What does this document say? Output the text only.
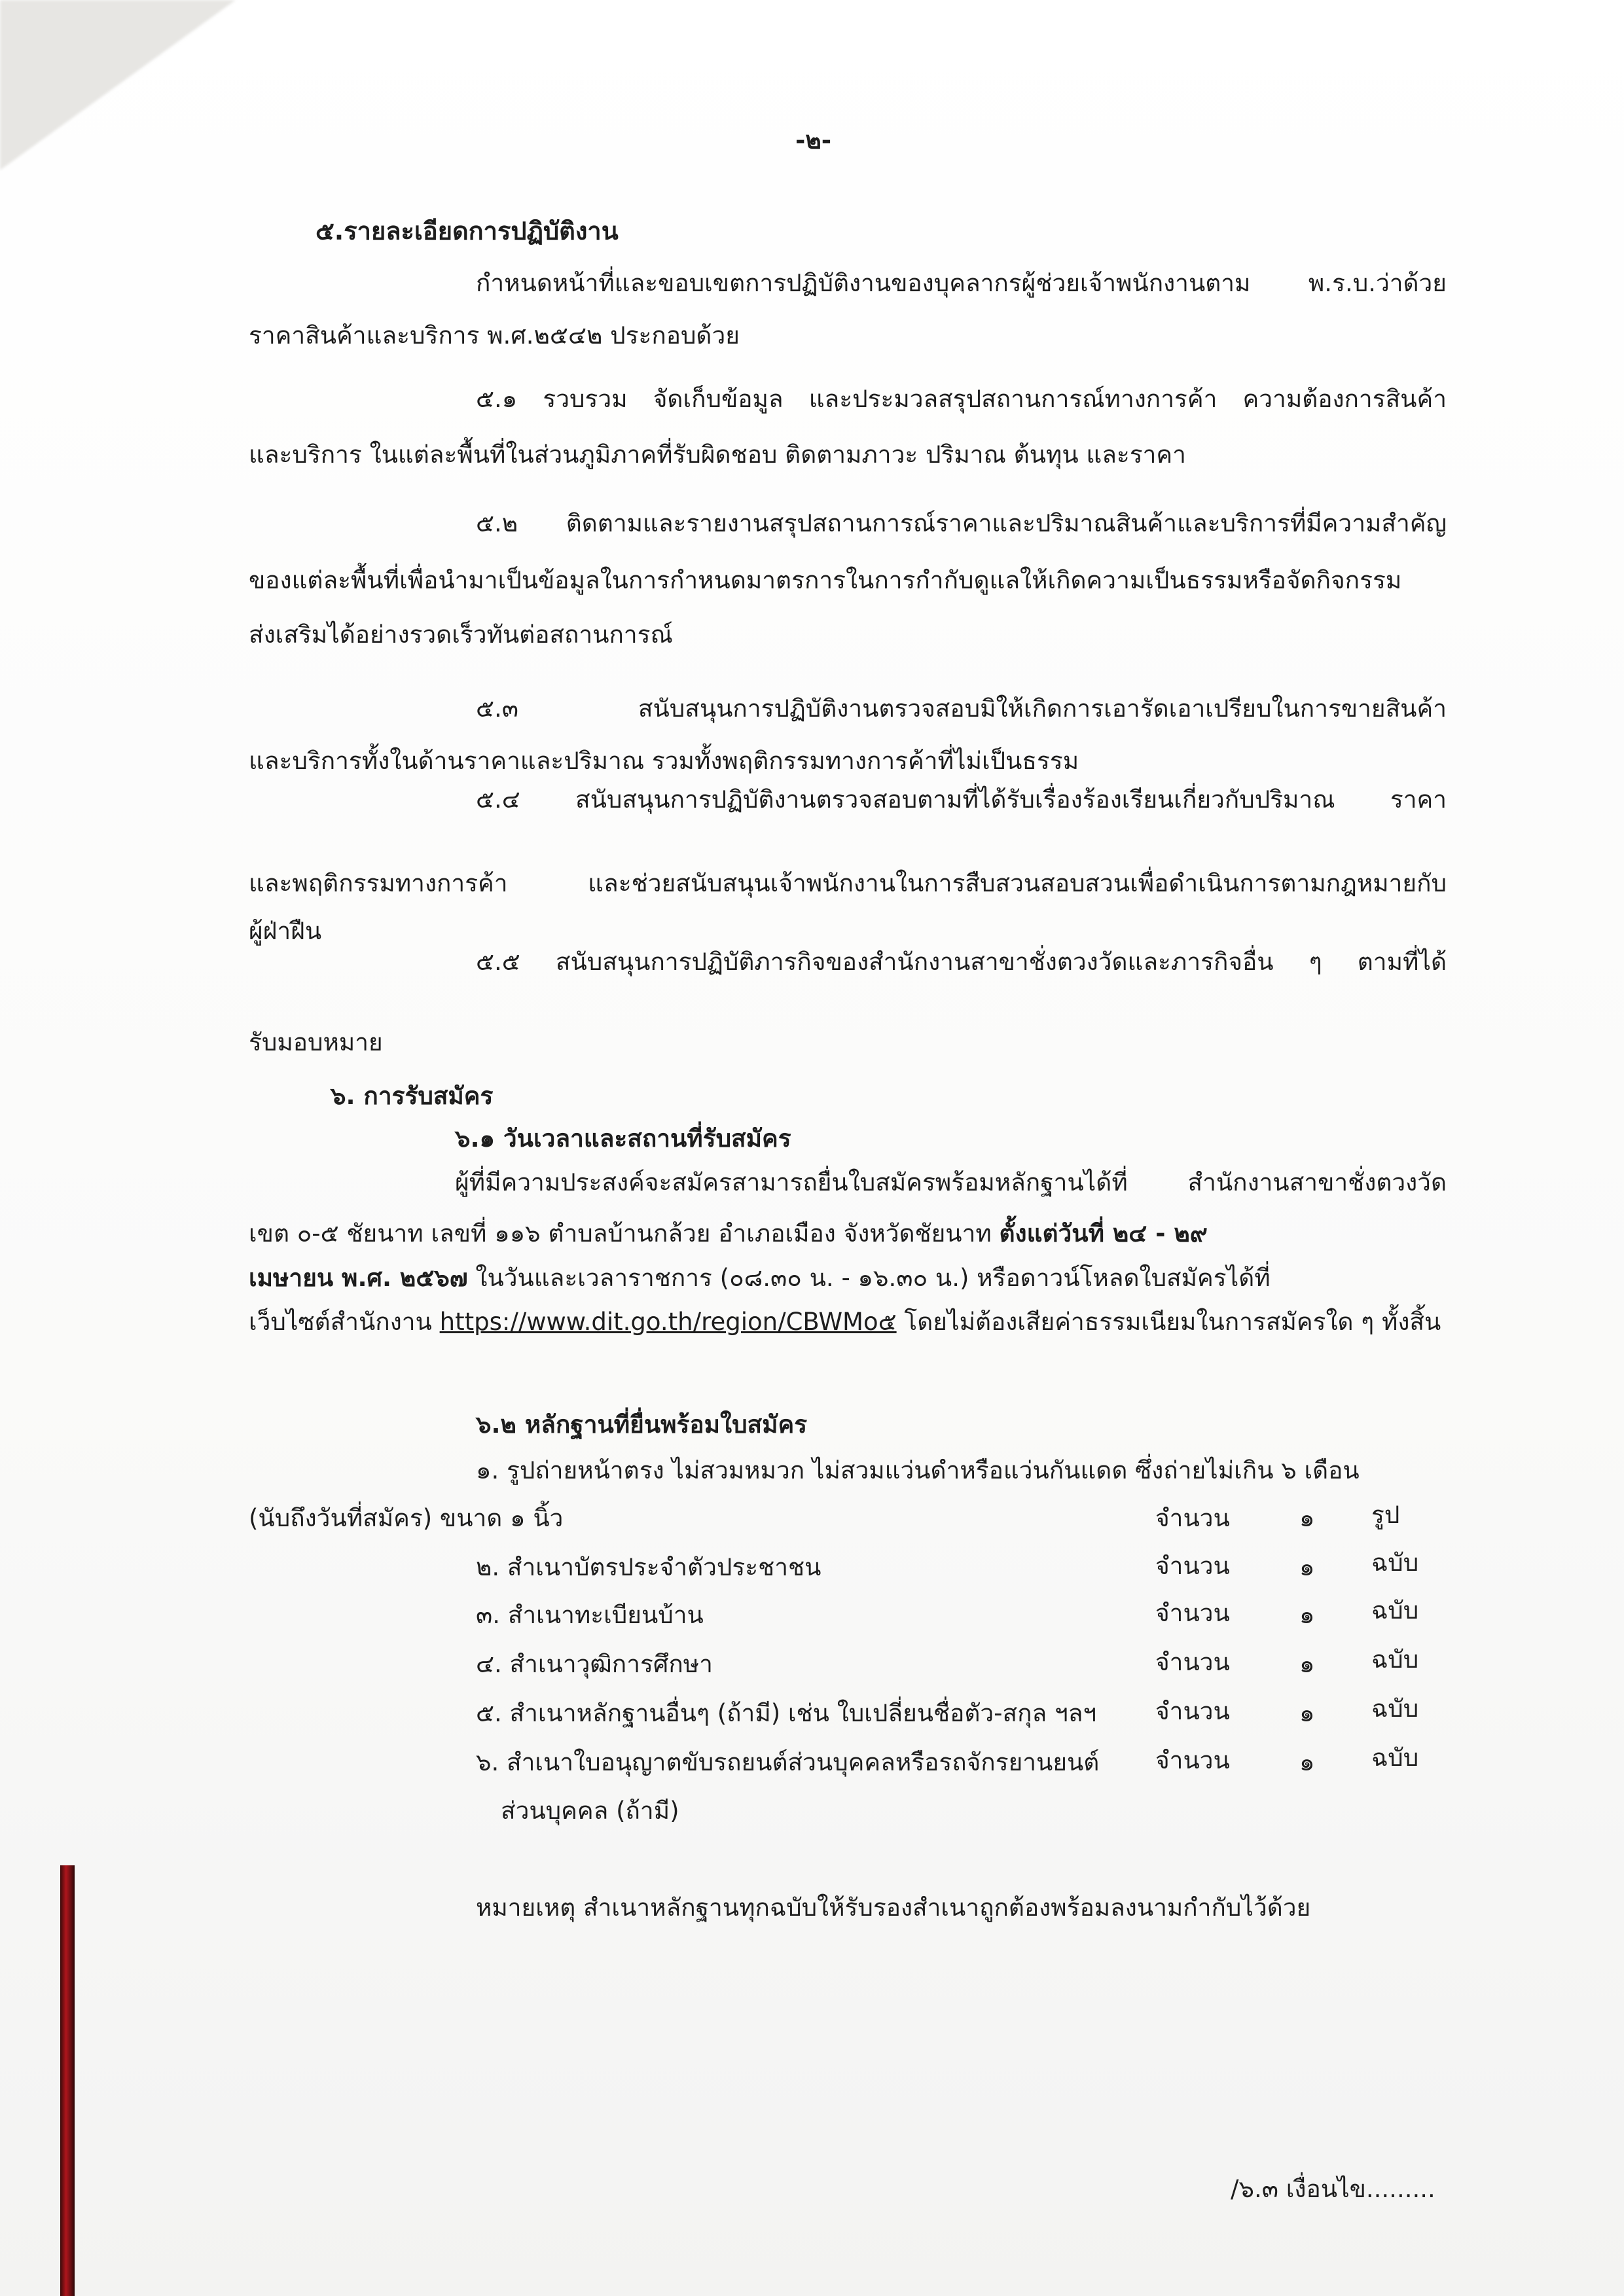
-๒-
๕.รายละเอียดการปฏิบัติงาน
กำหนดหน้าที่และขอบเขตการปฏิบัติงานของบุคลากรผู้ช่วยเจ้าพนักงานตาม พ.ร.บ.ว่าด้วย
ราคาสินค้าและบริการ พ.ศ.๒๕๔๒ ประกอบด้วย
๕.๑ รวบรวม จัดเก็บข้อมูล และประมวลสรุปสถานการณ์ทางการค้า ความต้องการสินค้า
และบริการ ในแต่ละพื้นที่ในส่วนภูมิภาคที่รับผิดชอบ ติดตามภาวะ ปริมาณ ต้นทุน และราคา
๕.๒ ติดตามและรายงานสรุปสถานการณ์ราคาและปริมาณสินค้าและบริการที่มีความสำคัญ
ของแต่ละพื้นที่เพื่อนำมาเป็นข้อมูลในการกำหนดมาตรการในการกำกับดูแลให้เกิดความเป็นธรรมหรือจัดกิจกรรม
ส่งเสริมได้อย่างรวดเร็วทันต่อสถานการณ์
๕.๓ สนับสนุนการปฏิบัติงานตรวจสอบมิให้เกิดการเอารัดเอาเปรียบในการขายสินค้า
และบริการทั้งในด้านราคาและปริมาณ รวมทั้งพฤติกรรมทางการค้าที่ไม่เป็นธรรม
๕.๔ สนับสนุนการปฏิบัติงานตรวจสอบตามที่ได้รับเรื่องร้องเรียนเกี่ยวกับปริมาณ ราคา
และพฤติกรรมทางการค้า และช่วยสนับสนุนเจ้าพนักงานในการสืบสวนสอบสวนเพื่อดำเนินการตามกฎหมายกับ
ผู้ฝ่าฝืน
๕.๕ สนับสนุนการปฏิบัติภารกิจของสำนักงานสาขาชั่งตวงวัดและภารกิจอื่น ๆ ตามที่ได้
รับมอบหมาย
๖. การรับสมัคร
๖.๑ วันเวลาและสถานที่รับสมัคร
ผู้ที่มีความประสงค์จะสมัครสามารถยื่นใบสมัครพร้อมหลักฐานได้ที่ สำนักงานสาขาชั่งตวงวัด
เขต ๐-๕ ชัยนาท เลขที่ ๑๑๖ ตำบลบ้านกล้วย อำเภอเมือง จังหวัดชัยนาท ตั้งแต่วันที่ ๒๔ - ๒๙
เมษายน พ.ศ. ๒๕๖๗ ในวันและเวลาราชการ (๐๘.๓๐ น. - ๑๖.๓๐ น.) หรือดาวน์โหลดใบสมัครได้ที่
เว็บไซต์สำนักงาน https://www.dit.go.th/region/CBWMo๕ โดยไม่ต้องเสียค่าธรรมเนียมในการสมัครใด ๆ ทั้งสิ้น
๖.๒ หลักฐานที่ยื่นพร้อมใบสมัคร
๑. รูปถ่ายหน้าตรง ไม่สวมหมวก ไม่สวมแว่นดำหรือแว่นกันแดด ซึ่งถ่ายไม่เกิน ๖ เดือน
(นับถึงวันที่สมัคร) ขนาด ๑ นิ้ว	จำนวน	๑ รูป
๒. สำเนาบัตรประจำตัวประชาชน	จำนวน	๑ ฉบับ
๓. สำเนาทะเบียนบ้าน	จำนวน	๑ ฉบับ
๔. สำเนาวุฒิการศึกษา	จำนวน	๑ ฉบับ
๕. สำเนาหลักฐานอื่นๆ (ถ้ามี) เช่น ใบเปลี่ยนชื่อตัว-สกุล ฯลฯ จำนวน	๑ ฉบับ
๖. สำเนาใบอนุญาตขับรถยนต์ส่วนบุคคลหรือรถจักรยานยนต์ จำนวน	๑ ฉบับ
ส่วนบุคคล (ถ้ามี)
หมายเหตุ สำเนาหลักฐานทุกฉบับให้รับรองสำเนาถูกต้องพร้อมลงนามกำกับไว้ด้วย
/๖.๓ เงื่อนไข.........
